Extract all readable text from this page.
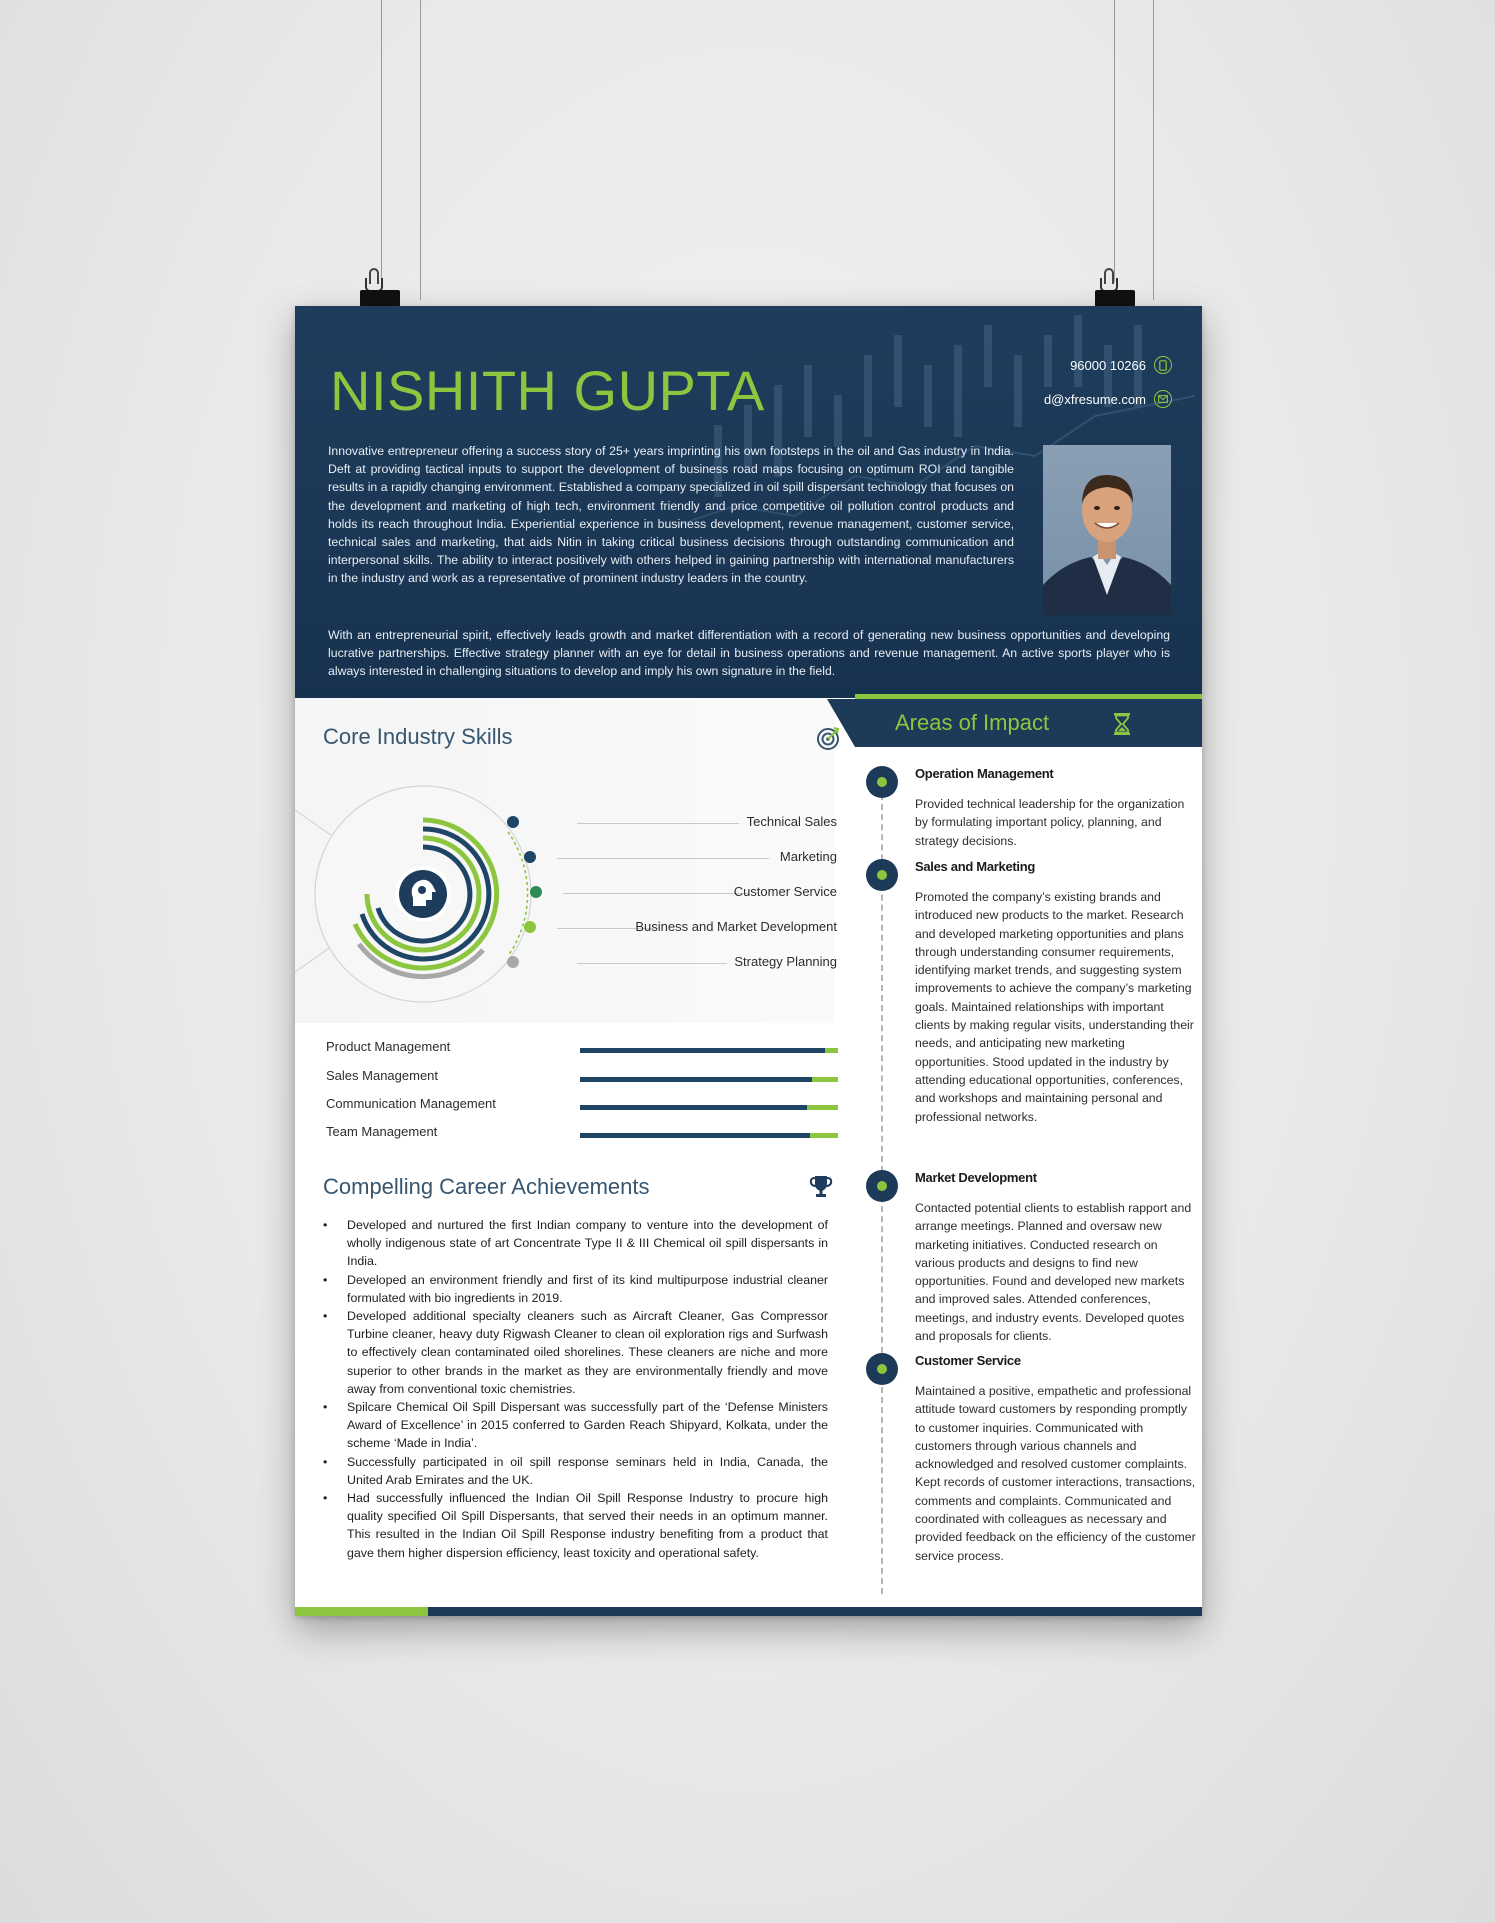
NISHITH GUPTA	96000 10266
d@xfresume.com

Innovative entrepreneur offering a success story of 25+ years imprinting his own footsteps in the oil and Gas industry in India. Deft at providing tactical inputs to support the development of business road maps focusing on optimum ROI and tangible results in a rapidly changing environment. Established a company specialized in oil spill dispersant technology that focuses on the development and marketing of high tech, environment friendly and price competitive oil pollution control products and holds its reach throughout India. Experiential experience in business development, revenue management, customer service, technical sales and marketing, that aids Nitin in taking critical business decisions through outstanding communication and interpersonal skills. The ability to interact positively with others helped in gaining partnership with international manufacturers in the industry and work as a representative of prominent industry leaders in the country.

With an entrepreneurial spirit, effectively leads growth and market differentiation with a record of generating new business opportunities and developing lucrative partnerships. Effective strategy planner with an eye for detail in business operations and revenue management. An active sports player who is always interested in challenging situations to develop and imply his own signature in the field.

Core Industry Skills
Technical Sales
Marketing
Customer Service
Business and Market Development
Strategy Planning
Product Management
Sales Management
Communication Management
Team Management
Compelling Career Achievements
• Developed and nurtured the first Indian company to venture into the development of wholly indigenous state of art Concentrate Type II & III Chemical oil spill dispersants in India.
• Developed an environment friendly and first of its kind multipurpose industrial cleaner formulated with bio ingredients in 2019.
• Developed additional specialty cleaners such as Aircraft Cleaner, Gas Compressor Turbine cleaner, heavy duty Rigwash Cleaner to clean oil exploration rigs and Surfwash to effectively clean contaminated oiled shorelines. These cleaners are niche and more superior to other brands in the market as they are environmentally friendly and move away from conventional toxic chemistries.
• Spilcare Chemical Oil Spill Dispersant was successfully part of the ‘Defense Ministers Award of Excellence’ in 2015 conferred to Garden Reach Shipyard, Kolkata, under the scheme ‘Made in India’.
• Successfully participated in oil spill response seminars held in India, Canada, the United Arab Emirates and the UK.
• Had successfully influenced the Indian Oil Spill Response Industry to procure high quality specified Oil Spill Dispersants, that served their needs in an optimum manner. This resulted in the Indian Oil Spill Response industry benefiting from a product that gave them higher dispersion efficiency, least toxicity and operational safety.
Areas of Impact
Operation Management

Provided technical leadership for the organization by formulating important policy, planning, and strategy decisions.

Sales and Marketing

Promoted the company’s existing brands and introduced new products to the market. Research and developed marketing opportunities and plans through understanding consumer requirements, identifying market trends, and suggesting system improvements to achieve the company’s marketing goals. Maintained relationships with important clients by making regular visits, understanding their needs, and anticipating new marketing opportunities. Stood updated in the industry by attending educational opportunities, conferences, and workshops and maintaining personal and professional networks.

Market Development

Contacted potential clients to establish rapport and arrange meetings. Planned and oversaw new marketing initiatives. Conducted research on various products and designs to find new opportunities. Found and developed new markets and improved sales. Attended conferences, meetings, and industry events. Developed quotes and proposals for clients.

Customer Service

Maintained a positive, empathetic and professional attitude toward customers by responding promptly to customer inquiries. Communicated with customers through various channels and acknowledged and resolved customer complaints. Kept records of customer interactions, transactions, comments and complaints. Communicated and coordinated with colleagues as necessary and provided feedback on the efficiency of the customer service process.
